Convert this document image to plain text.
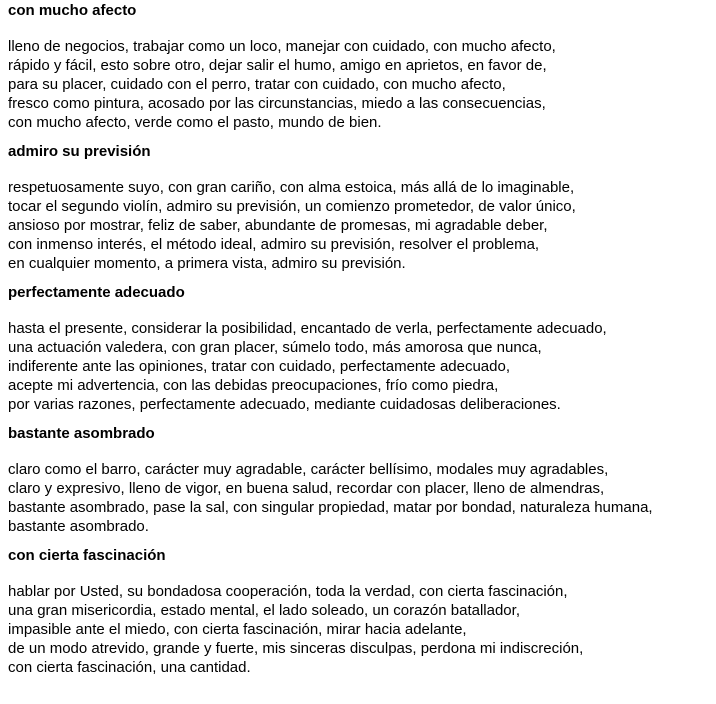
con mucho afecto

lleno de negocios, trabajar como un loco, manejar con cuidado, con mucho afecto,
rápido y fácil, esto sobre otro, dejar salir el humo, amigo en aprietos, en favor de,
para su placer, cuidado con el perro, tratar con cuidado, con mucho afecto,
fresco como pintura, acosado por las circunstancias, miedo a las consecuencias,
con mucho afecto, verde como el pasto, mundo de bien.

admiro su previsión

respetuosamente suyo, con gran cariño, con alma estoica, más allá de lo imaginable,
tocar el segundo violín, admiro su previsión, un comienzo prometedor, de valor único,
ansioso por mostrar, feliz de saber, abundante de promesas, mi agradable deber,
con inmenso interés, el método ideal, admiro su previsión, resolver el problema,
en cualquier momento, a primera vista, admiro su previsión.

perfectamente adecuado

hasta el presente, considerar la posibilidad, encantado de verla, perfectamente adecuado,
una actuación valedera, con gran placer, súmelo todo, más amorosa que nunca,
indiferente ante las opiniones, tratar con cuidado, perfectamente adecuado,
acepte mi advertencia, con las debidas preocupaciones, frío como piedra,
por varias razones, perfectamente adecuado, mediante cuidadosas deliberaciones.

bastante asombrado

claro como el barro, carácter muy agradable, carácter bellísimo, modales muy agradables,
claro y expresivo, lleno de vigor, en buena salud, recordar con placer, lleno de almendras,
bastante asombrado, pase la sal, con singular propiedad, matar por bondad, naturaleza humana,
bastante asombrado.

con cierta fascinación

hablar por Usted, su bondadosa cooperación, toda la verdad, con cierta fascinación,
una gran misericordia, estado mental, el lado soleado, un corazón batallador,
impasible ante el miedo, con cierta fascinación, mirar hacia adelante,
de un modo atrevido, grande y fuerte, mis sinceras disculpas, perdona mi indiscreción,
con cierta fascinación, una cantidad.
